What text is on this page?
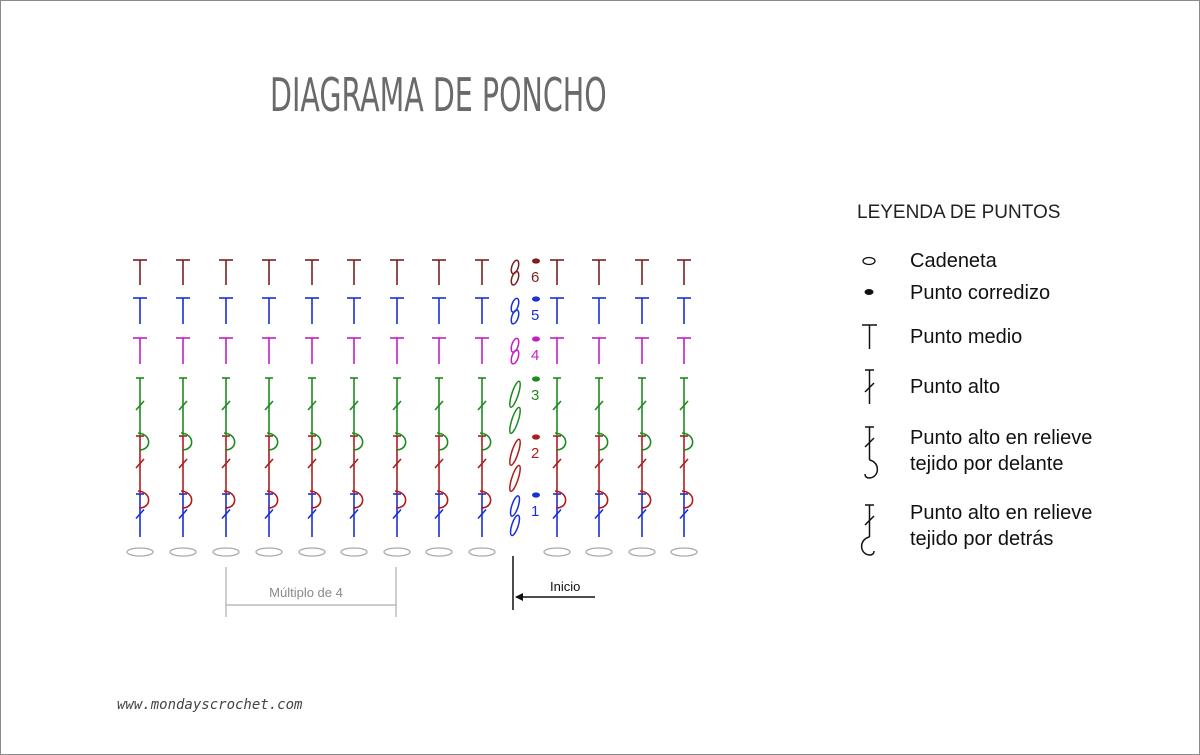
DIAGRAMA DE PONCHO
1
2
3
4
5
6
Múltiplo de 4	Inicio
LEYENDA DE PUNTOS
Cadeneta
Punto corredizo
Punto medio
Punto alto
Punto alto en relieve
tejido por delante
Punto alto en relieve
tejido por detrás
www.mondayscrochet.com
